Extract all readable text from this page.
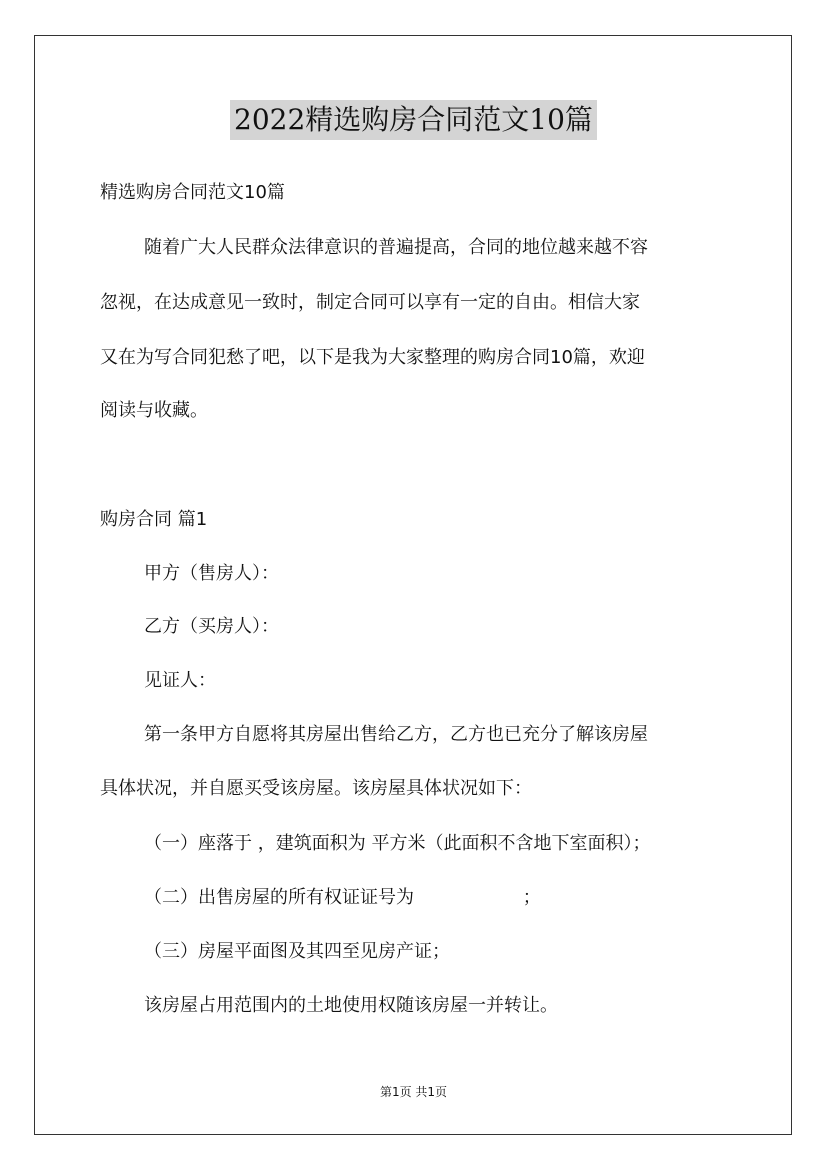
2022精选购房合同范文10篇
精选购房合同范文10篇
随着广大人民群众法律意识的普遍提高，合同的地位越来越不容
忽视，在达成意见一致时，制定合同可以享有一定的自由。相信大家
又在为写合同犯愁了吧，以下是我为大家整理的购房合同10篇，欢迎
阅读与收藏。
购房合同 篇1
甲方（售房人）：
乙方（买房人）：
见证人：
第一条甲方自愿将其房屋出售给乙方，乙方也已充分了解该房屋
具体状况，并自愿买受该房屋。该房屋具体状况如下：
（一）座落于 ，建筑面积为 平方米（此面积不含地下室面积）；
（二）出售房屋的所有权证证号为                   ；
（三）房屋平面图及其四至见房产证；
该房屋占用范围内的土地使用权随该房屋一并转让。
第1页 共1页
